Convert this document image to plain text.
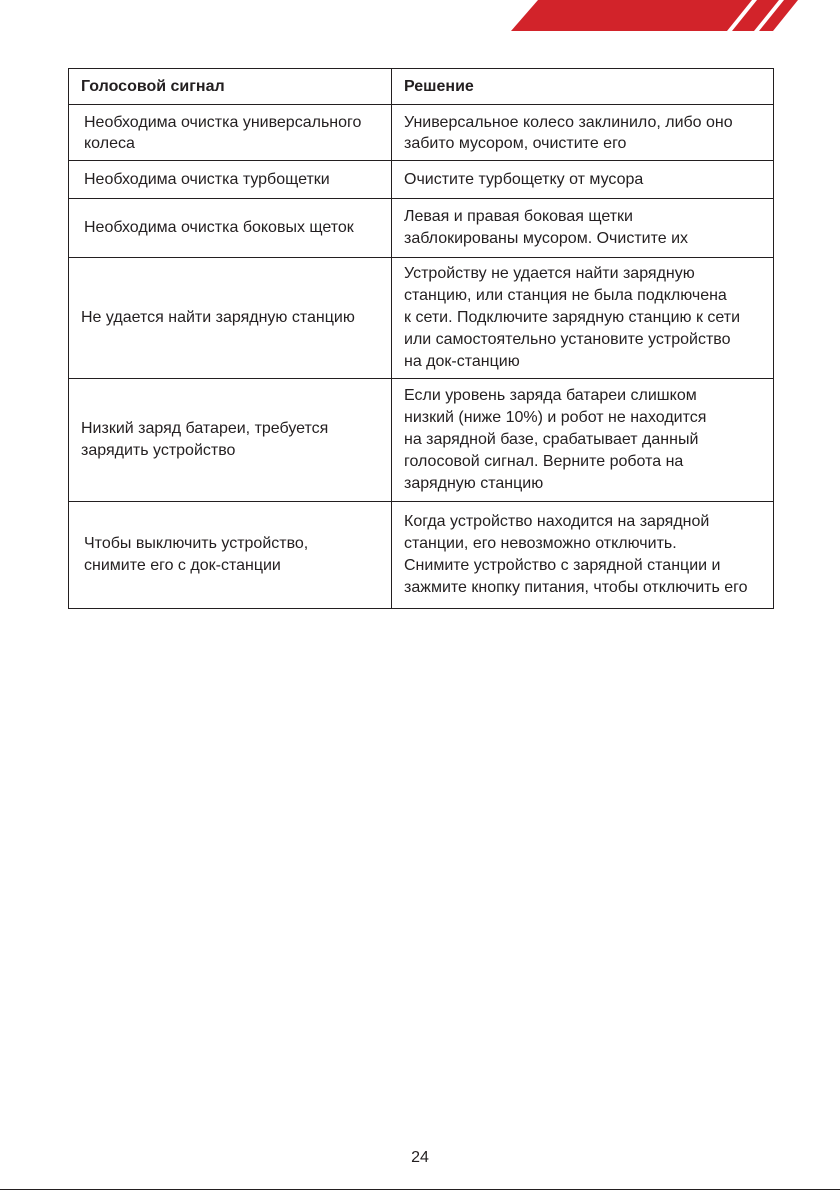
Голосовой сигнал	Решение

Необходима очистка универсального
колеса	Универсальное колесо заклинило, либо оно
забито мусором, очистите его

Необходима очистка турбощетки	Очистите турбощетку от мусора

Необходима очистка боковых щеток	Левая и правая боковая щетки
заблокированы мусором. Очистите их

Не удается найти зарядную станцию	Устройству не удается найти зарядную
станцию, или станция не была подключена
к сети. Подключите зарядную станцию к сети
или самостоятельно установите устройство
на док-станцию

Низкий заряд батареи, требуется
зарядить устройство	Если уровень заряда батареи слишком
низкий (ниже 10%) и робот не находится
на зарядной базе, срабатывает данный
голосовой сигнал. Верните робота на
зарядную станцию

Чтобы выключить устройство,
снимите его с док-станции	Когда устройство находится на зарядной
станции, его невозможно отключить.
Снимите устройство с зарядной станции и
зажмите кнопку питания, чтобы отключить его
24
